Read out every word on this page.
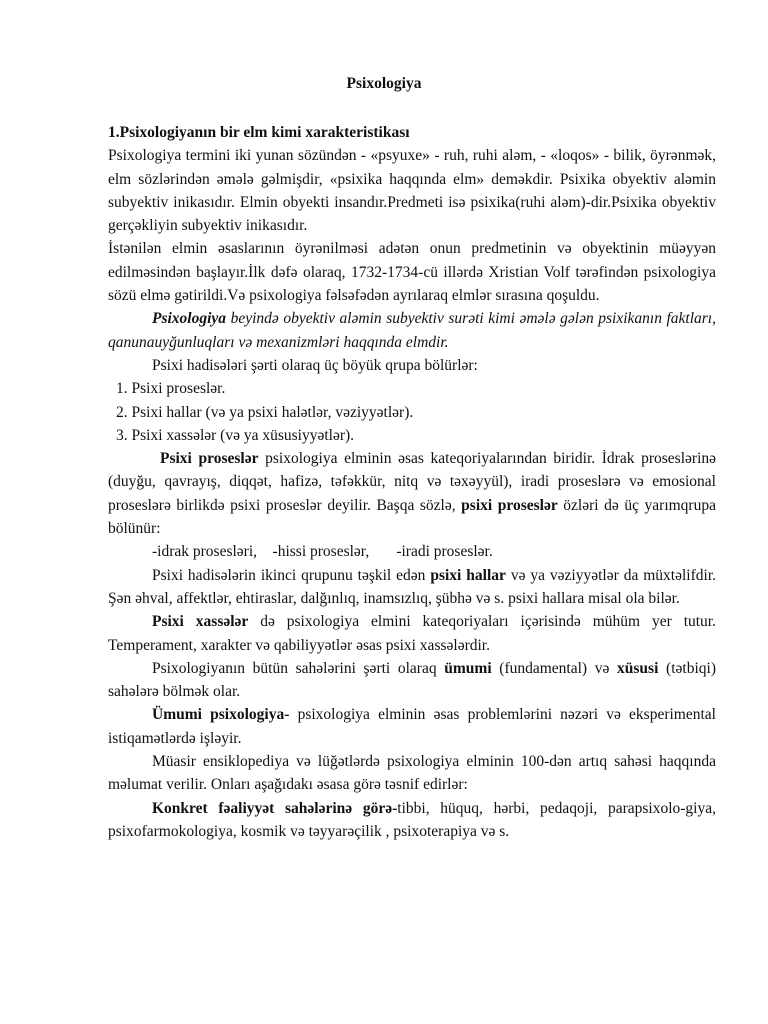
Psixologiya

1.Psixologiyanın bir elm kimi xarakteristikası

Psixologiya termini iki yunan sözündən - «psyuxe» - ruh, ruhi aləm, - «loqos» - bilik, öyrənmək, elm sözlərindən əmələ gəlmişdir, «psixika haqqında elm» deməkdir. Psixika obyektiv aləmin subyektiv inikasıdır. Elmin obyekti insandır.Predmeti isə psixika(ruhi aləm)-dir.Psixika obyektiv gerçəkliyin subyektiv inikasıdır.

İstənilən elmin əsaslarının öyrənilməsi adətən onun predmetinin və obyektinin müəyyən edilməsindən başlayır.İlk dəfə olaraq, 1732-1734-cü illərdə Xristian Volf tərəfindən psixologiya sözü elmə gətirildi.Və psixologiya fəlsəfədən ayrılaraq elmlər sırasına qoşuldu.

Psixologiya beyində obyektiv aləmin subyektiv surəti kimi əmələ gələn psixikanın faktları, qanunauyğunluqları və mexanizmləri haqqında elmdir.

Psixi hadisələri şərti olaraq üç böyük qrupa bölürlər:

1. Psixi proseslər.
2. Psixi hallar (və ya psixi halətlər, vəziyyətlər).
3. Psixi xassələr (və ya xüsusiyyətlər).

Psixi proseslər psixologiya elminin əsas kateqoriyalarından biridir. İdrak proseslərinə (duyğu, qavrayış, diqqət, hafizə, təfəkkür, nitq və təxəyyül), iradi proseslərə və emosional proseslərə birlikdə psixi proseslər deyilir. Başqa sözlə, psixi proseslər özləri də üç yarımqrupa bölünür:

-idrak prosesləri, -hissi proseslər, -iradi proseslər.

Psixi hadisələrin ikinci qrupunu təşkil edən psixi hallar və ya vəziyyətlər da müxtəlifdir. Şən əhval, affektlər, ehtiraslar, dalğınlıq, inamsızlıq, şübhə və s. psixi hallara misal ola bilər.

Psixi xassələr də psixologiya elmini kateqoriyaları içərisində mühüm yer tutur. Temperament, xarakter və qabiliyyətlər əsas psixi xassələrdir.

Psixologiyanın bütün sahələrini şərti olaraq ümumi (fundamental) və xüsusi (tətbiqi) sahələrə bölmək olar.

Ümumi psixologiya- psixologiya elminin əsas problemlərini nəzəri və eksperimental istiqamətlərdə işləyir.

Müasir ensiklopediya və lüğətlərdə psixologiya elminin 100-dən artıq sahəsi haqqında məlumat verilir. Onları aşağıdakı əsasa görə təsnif edirlər:

Konkret fəaliyyət sahələrinə görə-tibbi, hüquq, hərbi, pedaqoji, parapsixolo-giya, psixofarmokologiya, kosmik və təyyarəçilik , psixoterapiya və s.
